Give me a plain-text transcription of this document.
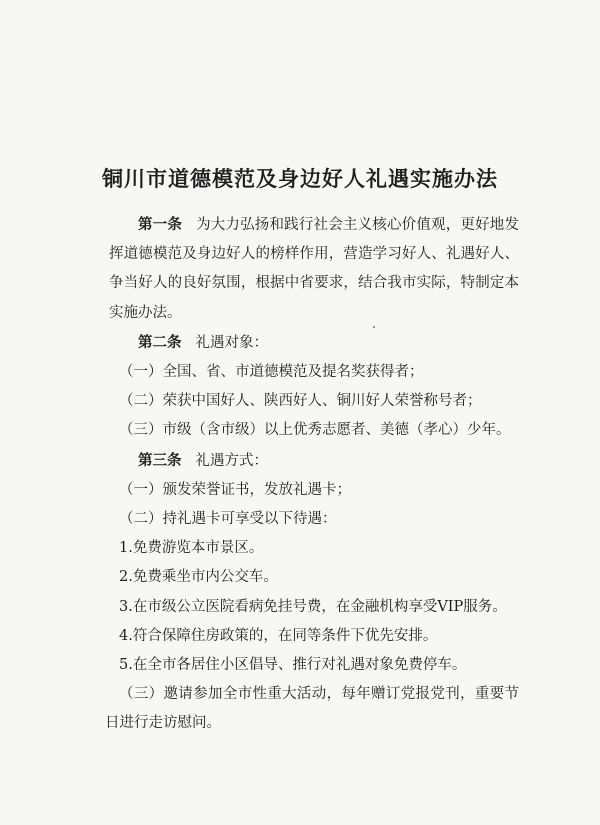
铜川市道德模范及身边好人礼遇实施办法

第一条 为大力弘扬和践行社会主义核心价值观，更好地发挥道德模范及身边好人的榜样作用，营造学习好人、礼遇好人、争当好人的良好氛围，根据中省要求，结合我市实际，特制定本实施办法。

第二条 礼遇对象：

（一）全国、省、市道德模范及提名奖获得者；

（二）荣获中国好人、陕西好人、铜川好人荣誉称号者；

（三）市级（含市级）以上优秀志愿者、美德（孝心）少年。

第三条 礼遇方式：

（一）颁发荣誉证书，发放礼遇卡；

（二）持礼遇卡可享受以下待遇：

1.免费游览本市景区。

2.免费乘坐市内公交车。

3.在市级公立医院看病免挂号费，在金融机构享受VIP服务。

4.符合保障住房政策的，在同等条件下优先安排。

5.在全市各居住小区倡导、推行对礼遇对象免费停车。

（三）邀请参加全市性重大活动，每年赠订党报党刊，重要节日进行走访慰问。
